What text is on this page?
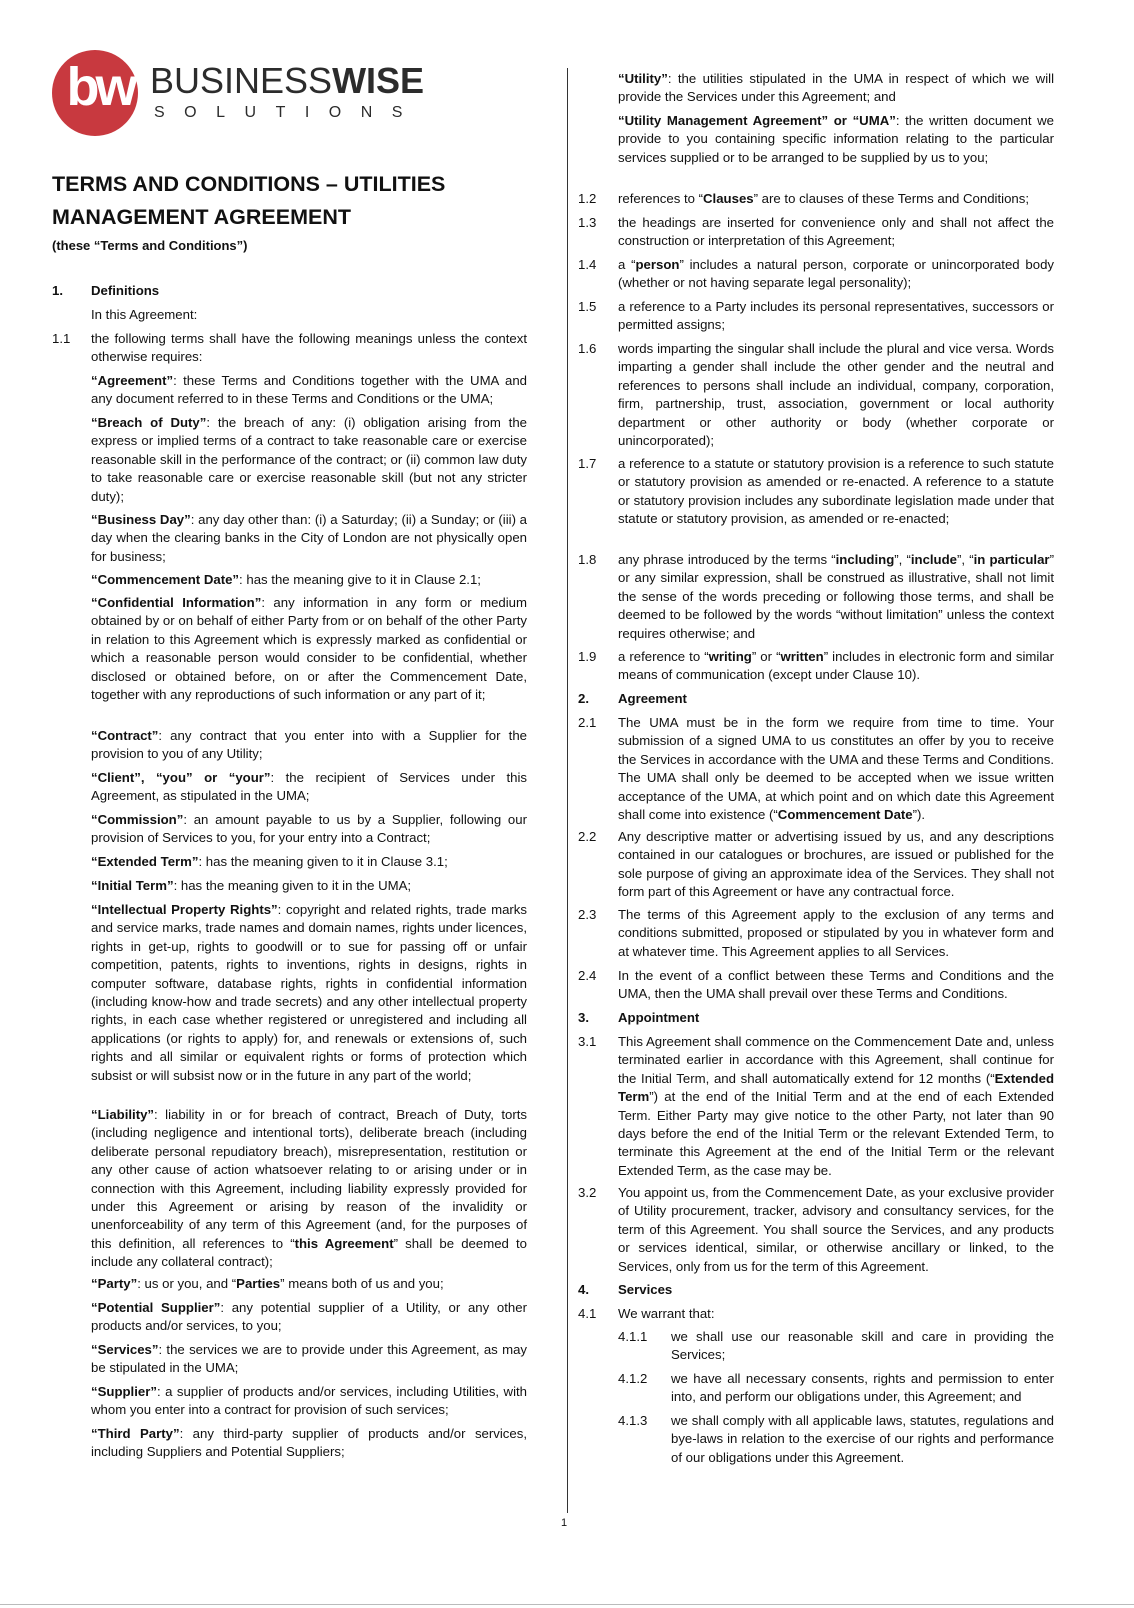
bw BUSINESSWISE
SOLUTIONS
TERMS AND CONDITIONS – UTILITIES
MANAGEMENT AGREEMENT
(these “Terms and Conditions”)
1. Definitions
In this Agreement:
1.1 the following terms shall have the following meanings unless the context otherwise requires:
“Agreement”: these Terms and Conditions together with the UMA and any document referred to in these Terms and Conditions or the UMA;
“Breach of Duty”: the breach of any: (i) obligation arising from the express or implied terms of a contract to take reasonable care or exercise reasonable skill in the performance of the contract; or (ii) common law duty to take reasonable care or exercise reasonable skill (but not any stricter duty);
“Business Day”: any day other than: (i) a Saturday; (ii) a Sunday; or (iii) a day when the clearing banks in the City of London are not physically open for business;
“Commencement Date”: has the meaning give to it in Clause 2.1;
“Confidential Information”: any information in any form or medium obtained by or on behalf of either Party from or on behalf of the other Party in relation to this Agreement which is expressly marked as confidential or which a reasonable person would consider to be confidential, whether disclosed or obtained before, on or after the Commencement Date, together with any reproductions of such information or any part of it;
“Contract”: any contract that you enter into with a Supplier for the provision to you of any Utility;
“Client”, “you” or “your”: the recipient of Services under this Agreement, as stipulated in the UMA;
“Commission”: an amount payable to us by a Supplier, following our provision of Services to you, for your entry into a Contract;
“Extended Term”: has the meaning given to it in Clause 3.1;
“Initial Term”: has the meaning given to it in the UMA;
“Intellectual Property Rights”: copyright and related rights, trade marks and service marks, trade names and domain names, rights under licences, rights in get-up, rights to goodwill or to sue for passing off or unfair competition, patents, rights to inventions, rights in designs, rights in computer software, database rights, rights in confidential information (including know-how and trade secrets) and any other intellectual property rights, in each case whether registered or unregistered and including all applications (or rights to apply) for, and renewals or extensions of, such rights and all similar or equivalent rights or forms of protection which subsist or will subsist now or in the future in any part of the world;
“Liability”: liability in or for breach of contract, Breach of Duty, torts (including negligence and intentional torts), deliberate breach (including deliberate personal repudiatory breach), misrepresentation, restitution or any other cause of action whatsoever relating to or arising under or in connection with this Agreement, including liability expressly provided for under this Agreement or arising by reason of the invalidity or unenforceability of any term of this Agreement (and, for the purposes of this definition, all references to “this Agreement” shall be deemed to include any collateral contract);
“Party”: us or you, and “Parties” means both of us and you;
“Potential Supplier”: any potential supplier of a Utility, or any other products and/or services, to you;
“Services”: the services we are to provide under this Agreement, as may be stipulated in the UMA;
“Supplier”: a supplier of products and/or services, including Utilities, with whom you enter into a contract for provision of such services;
“Third Party”: any third-party supplier of products and/or services, including Suppliers and Potential Suppliers;
“Utility”: the utilities stipulated in the UMA in respect of which we will provide the Services under this Agreement; and
“Utility Management Agreement” or “UMA”: the written document we provide to you containing specific information relating to the particular services supplied or to be arranged to be supplied by us to you;
1.2 references to “Clauses” are to clauses of these Terms and Conditions;
1.3 the headings are inserted for convenience only and shall not affect the construction or interpretation of this Agreement;
1.4 a “person” includes a natural person, corporate or unincorporated body (whether or not having separate legal personality);
1.5 a reference to a Party includes its personal representatives, successors or permitted assigns;
1.6 words imparting the singular shall include the plural and vice versa. Words imparting a gender shall include the other gender and the neutral and references to persons shall include an individual, company, corporation, firm, partnership, trust, association, government or local authority department or other authority or body (whether corporate or unincorporated);
1.7 a reference to a statute or statutory provision is a reference to such statute or statutory provision as amended or re-enacted. A reference to a statute or statutory provision includes any subordinate legislation made under that statute or statutory provision, as amended or re-enacted;
1.8 any phrase introduced by the terms “including”, “include”, “in particular” or any similar expression, shall be construed as illustrative, shall not limit the sense of the words preceding or following those terms, and shall be deemed to be followed by the words “without limitation” unless the context requires otherwise; and
1.9 a reference to “writing” or “written” includes in electronic form and similar means of communication (except under Clause 10).
2. Agreement
2.1 The UMA must be in the form we require from time to time. Your submission of a signed UMA to us constitutes an offer by you to receive the Services in accordance with the UMA and these Terms and Conditions. The UMA shall only be deemed to be accepted when we issue written acceptance of the UMA, at which point and on which date this Agreement shall come into existence (“Commencement Date”).
2.2 Any descriptive matter or advertising issued by us, and any descriptions contained in our catalogues or brochures, are issued or published for the sole purpose of giving an approximate idea of the Services. They shall not form part of this Agreement or have any contractual force.
2.3 The terms of this Agreement apply to the exclusion of any terms and conditions submitted, proposed or stipulated by you in whatever form and at whatever time. This Agreement applies to all Services.
2.4 In the event of a conflict between these Terms and Conditions and the UMA, then the UMA shall prevail over these Terms and Conditions.
3. Appointment
3.1 This Agreement shall commence on the Commencement Date and, unless terminated earlier in accordance with this Agreement, shall continue for the Initial Term, and shall automatically extend for 12 months (“Extended Term”) at the end of the Initial Term and at the end of each Extended Term. Either Party may give notice to the other Party, not later than 90 days before the end of the Initial Term or the relevant Extended Term, to terminate this Agreement at the end of the Initial Term or the relevant Extended Term, as the case may be.
3.2 You appoint us, from the Commencement Date, as your exclusive provider of Utility procurement, tracker, advisory and consultancy services, for the term of this Agreement. You shall source the Services, and any products or services identical, similar, or otherwise ancillary or linked, to the Services, only from us for the term of this Agreement.
4. Services
4.1 We warrant that:
4.1.1 we shall use our reasonable skill and care in providing the Services;
4.1.2 we have all necessary consents, rights and permission to enter into, and perform our obligations under, this Agreement; and
4.1.3 we shall comply with all applicable laws, statutes, regulations and bye-laws in relation to the exercise of our rights and performance of our obligations under this Agreement.
1
